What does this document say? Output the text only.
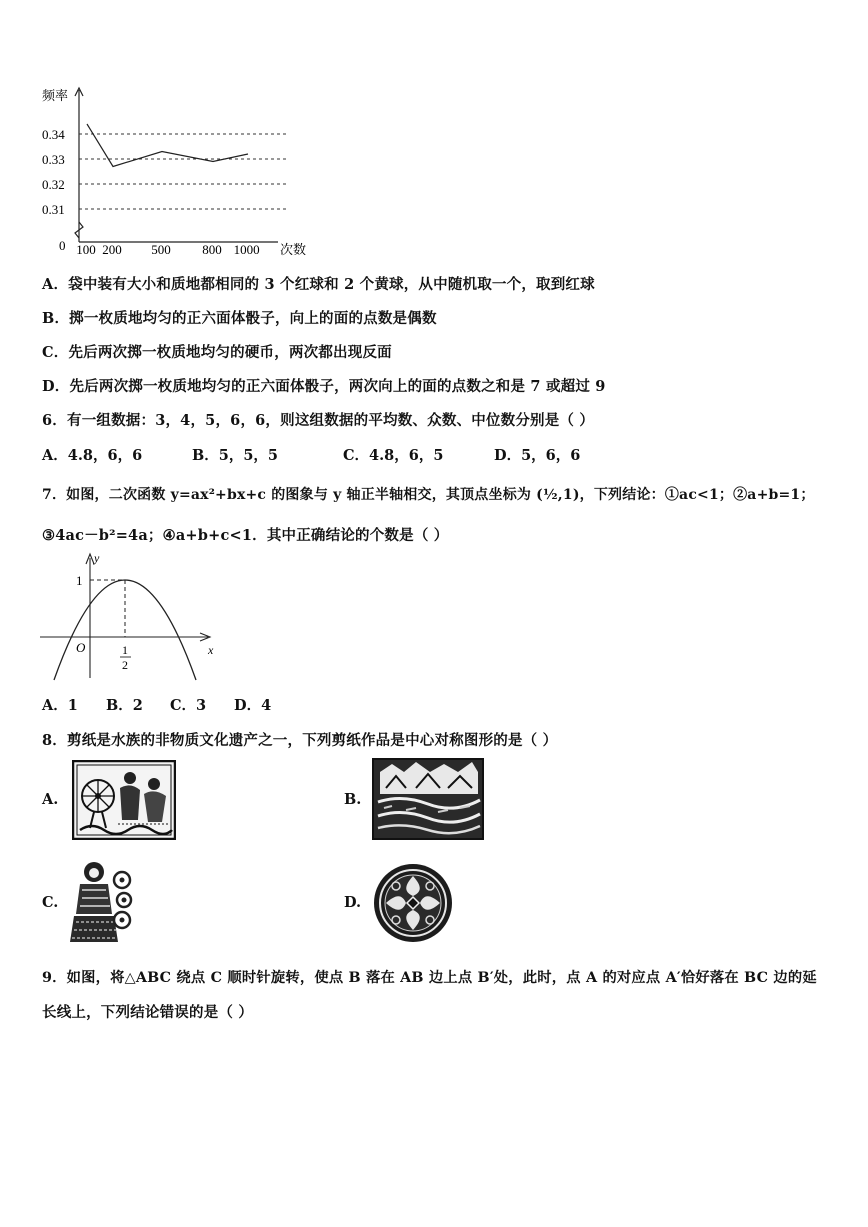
频率
0.34
0.33
0.32
0.31
100 200 500 800 1000
0	次数
A．袋中装有大小和质地都相同的 3 个红球和 2 个黄球，从中随机取一个，取到红球
B．掷一枚质地均匀的正六面体骰子，向上的面的点数是偶数
C．先后两次掷一枚质地均匀的硬币，两次都出现反面
D．先后两次掷一枚质地均匀的正六面体骰子，两次向上的面的点数之和是 7 或超过 9
6．有一组数据：3，4，5，6，6，则这组数据的平均数、众数、中位数分别是（ ）
A．4.8，6，6	B．5，5，5	C．4.8，6，5	D．5，6，6
7．如图，二次函数 y=ax²+bx+c 的图象与 y 轴正半轴相交，其顶点坐标为 (½,1)，下列结论：①ac<1；②a+b=1；
③4ac－b²=4a；④a+b+c<1．其中正确结论的个数是（ ）
y
x
O
1
1
2
A．1 B．2 C．3 D．4
8．剪纸是水族的非物质文化遗产之一，下列剪纸作品是中心对称图形的是（ ）
A.	B.
C.	D.
9．如图，将△ABC 绕点 C 顺时针旋转，使点 B 落在 AB 边上点 B′处，此时，点 A 的对应点 A′恰好落在 BC 边的延
长线上，下列结论错误的是（ ）
